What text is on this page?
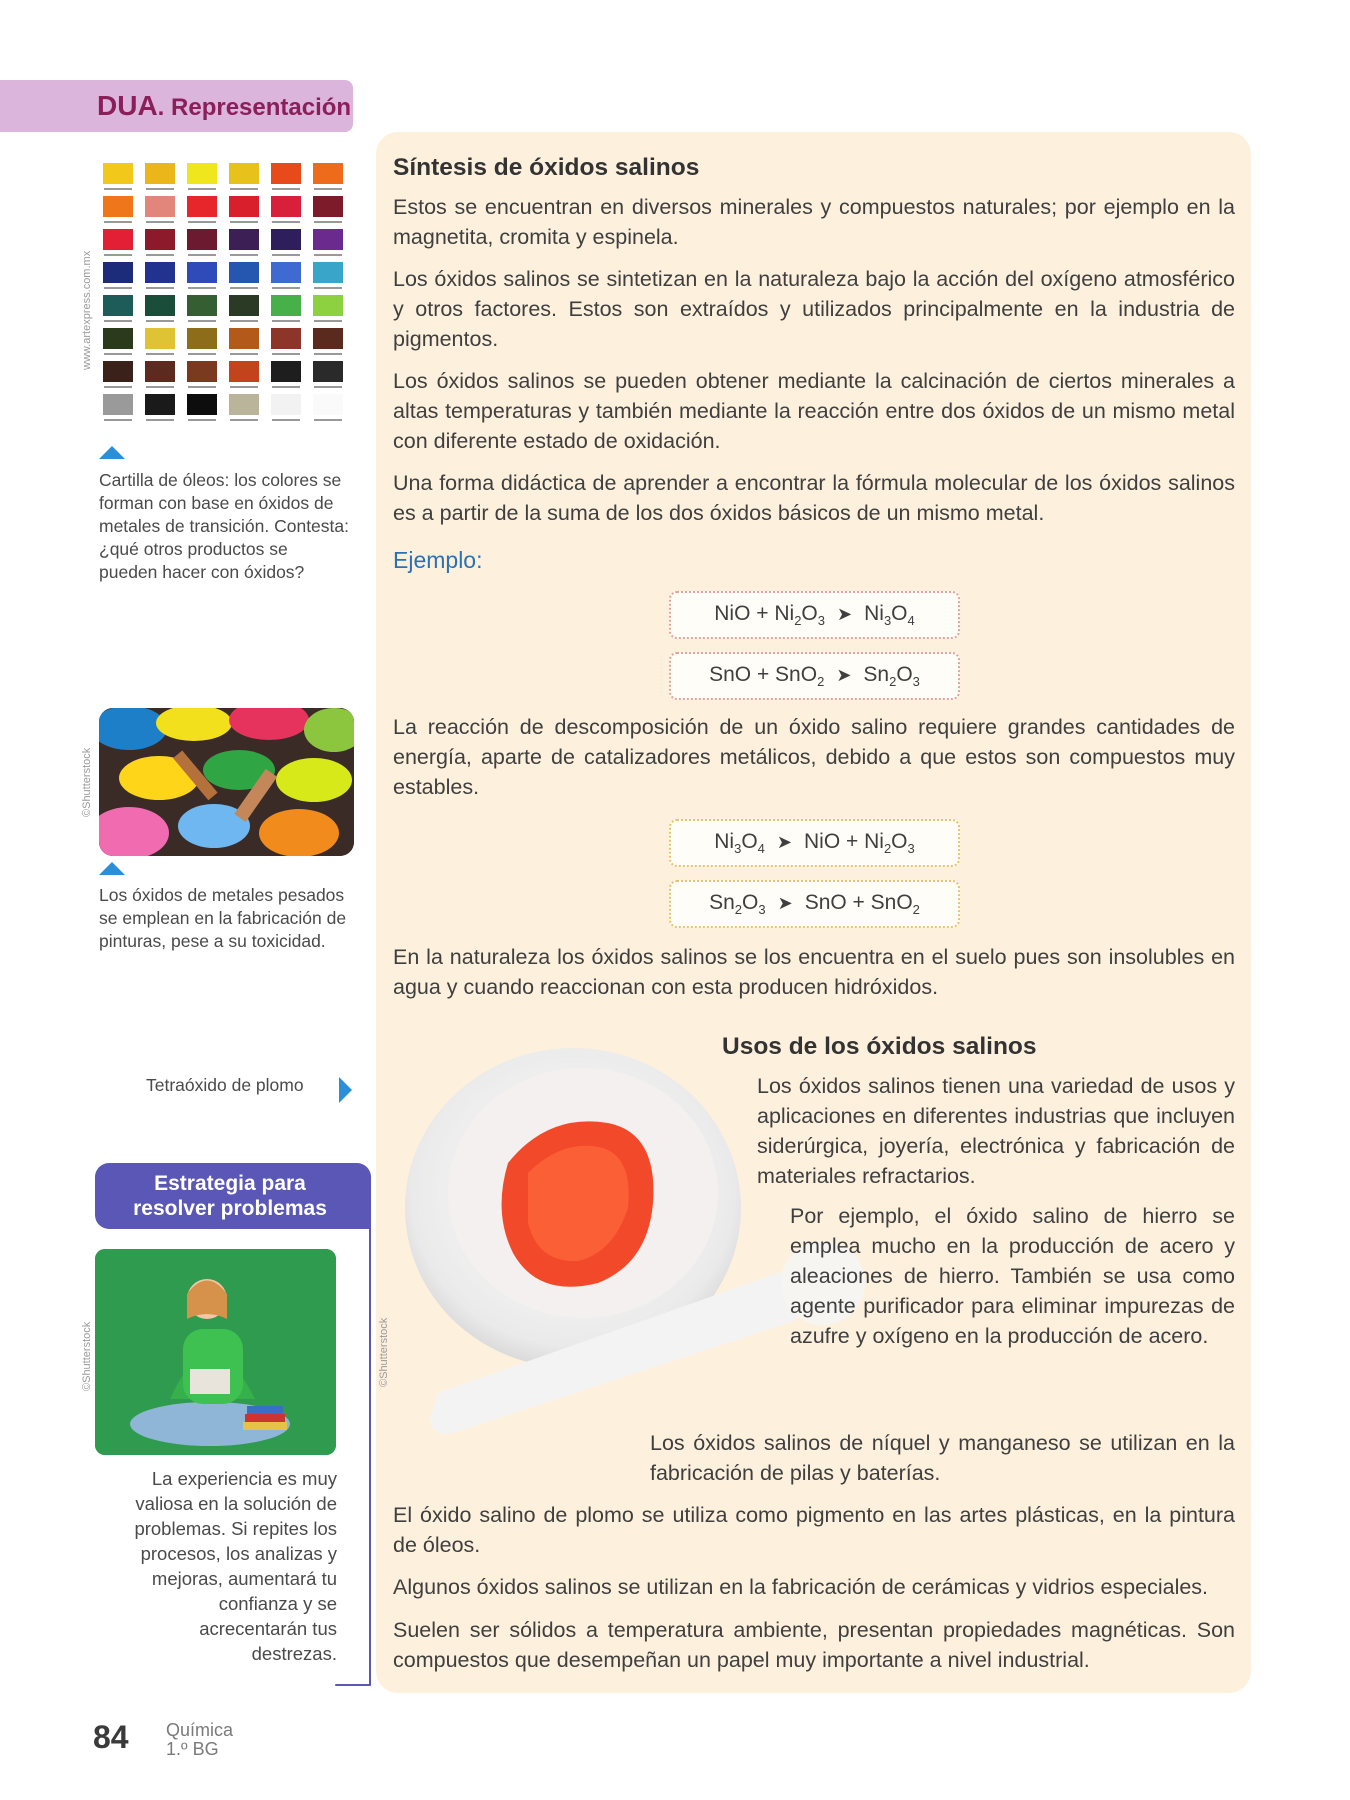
DUA. Representación
www.artexpress.com.mx
Cartilla de óleos: los colores se forman con base en óxidos de metales de transición. Contesta: ¿qué otros productos se pueden hacer con óxidos?
©Shutterstock
Los óxidos de metales pesados se emplean en la fabricación de pinturas, pese a su toxicidad.
Tetraóxido de plomo
Estrategia para
resolver problemas
©Shutterstock
La experiencia es muy valiosa en la solución de problemas. Si repites los procesos, los analizas y mejoras, aumentará tu confianza y se acrecentarán tus destrezas.
Síntesis de óxidos salinos
Estos se encuentran en diversos minerales y compuestos naturales; por ejemplo en la magnetita, cromita y espinela.
Los óxidos salinos se sintetizan en la naturaleza bajo la acción del oxígeno atmosférico y otros factores. Estos son extraídos y utilizados principalmente en la industria de pigmentos.
Los óxidos salinos se pueden obtener mediante la calcinación de ciertos minerales a altas temperaturas y también mediante la reacción entre dos óxidos de un mismo metal con diferente estado de oxidación.
Una forma didáctica de aprender a encontrar la fórmula molecular de los óxidos salinos es a partir de la suma de los dos óxidos básicos de un mismo metal.
Ejemplo:
NiO + $Ni_2O_3$ ➤ $Ni_3O_4$
SnO + SnO$_2$ ➤ $Sn_2O_3$
La reacción de descomposición de un óxido salino requiere grandes cantidades de energía, aparte de catalizadores metálicos, debido a que estos son compuestos muy estables.
$Ni_3O_4$ ➤ NiO + $Ni_2O_3$
$Sn_2O_3$ ➤ SnO + SnO$_2$
En la naturaleza los óxidos salinos se los encuentra en el suelo pues son insolubles en agua y cuando reaccionan con esta producen hidróxidos.
©Shutterstock
Usos de los óxidos salinos
Los óxidos salinos tienen una variedad de usos y aplicaciones en diferentes industrias que incluyen siderúrgica, joyería, electrónica y fabricación de materiales refractarios.
Por ejemplo, el óxido salino de hierro se emplea mucho en la producción de acero y aleaciones de hierro. También se usa como agente purificador para eliminar impurezas de azufre y oxígeno en la producción de acero.
Los óxidos salinos de níquel y manganeso se utilizan en la fabricación de pilas y baterías.
El óxido salino de plomo se utiliza como pigmento en las artes plásticas, en la pintura de óleos.
Algunos óxidos salinos se utilizan en la fabricación de cerámicas y vidrios especiales.
Suelen ser sólidos a temperatura ambiente, presentan propiedades magnéticas. Son compuestos que desempeñan un papel muy importante a nivel industrial.
84 Química
1.º BG
